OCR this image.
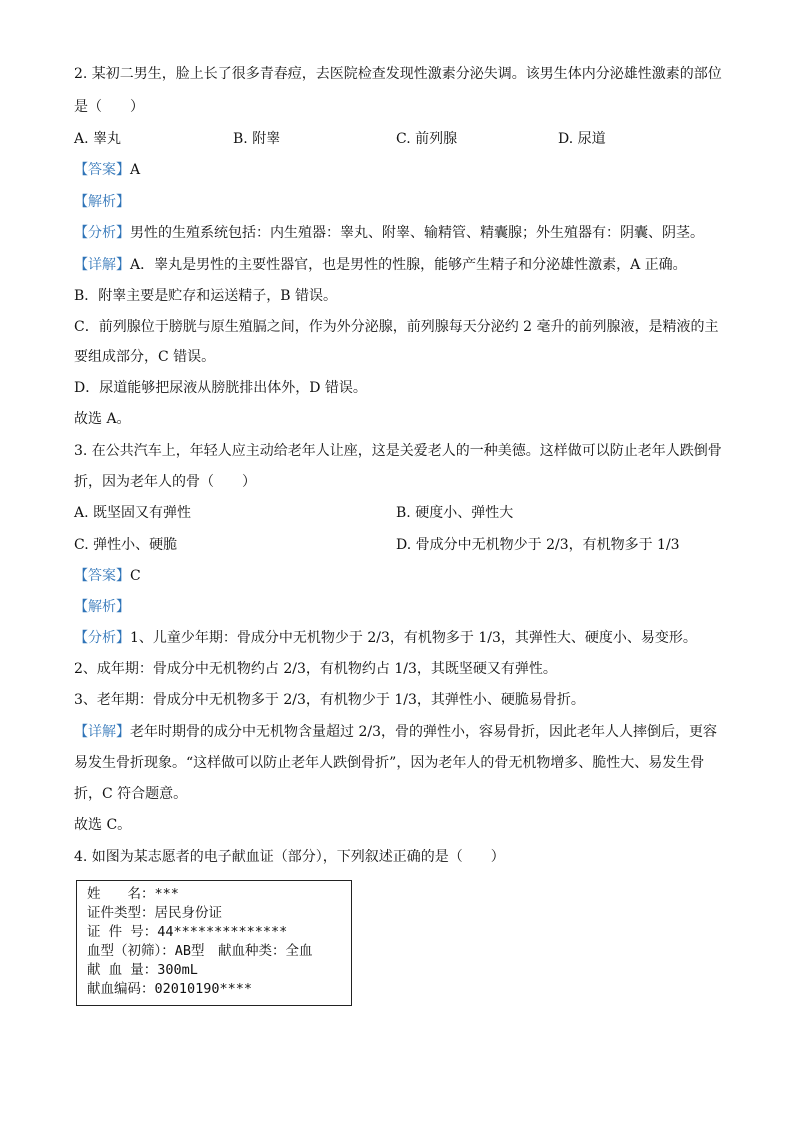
2. 某初二男生，脸上长了很多青春痘，去医院检查发现性激素分泌失调。该男生体内分泌雄性激素的部位
是（　　）
A. 睾丸	B. 附睾	C. 前列腺	D. 尿道
【答案】A
【解析】
【分析】男性的生殖系统包括：内生殖器：睾丸、附睾、输精管、精囊腺；外生殖器有：阴囊、阴茎。
【详解】A．睾丸是男性的主要性器官，也是男性的性腺，能够产生精子和分泌雄性激素，A 正确。
B．附睾主要是贮存和运送精子，B 错误。
C．前列腺位于膀胱与原生殖膈之间，作为外分泌腺，前列腺每天分泌约 2 毫升的前列腺液，是精液的主
要组成部分，C 错误。
D．尿道能够把尿液从膀胱排出体外，D 错误。
故选 A。
3. 在公共汽车上，年轻人应主动给老年人让座，这是关爱老人的一种美德。这样做可以防止老年人跌倒骨
折，因为老年人的骨（　　）
A. 既坚固又有弹性	B. 硬度小、弹性大
C. 弹性小、硬脆	D. 骨成分中无机物少于 2/3，有机物多于 1/3
【答案】C
【解析】
【分析】1、儿童少年期：骨成分中无机物少于 2/3，有机物多于 1/3，其弹性大、硬度小、易变形。
2、成年期：骨成分中无机物约占 2/3，有机物约占 1/3，其既坚硬又有弹性。
3、老年期：骨成分中无机物多于 2/3，有机物少于 1/3，其弹性小、硬脆易骨折。
【详解】老年时期骨的成分中无机物含量超过 2/3，骨的弹性小，容易骨折，因此老年人人摔倒后，更容
易发生骨折现象。“这样做可以防止老年人跌倒骨折”，因为老年人的骨无机物增多、脆性大、易发生骨
折，C 符合题意。
故选 C。
4. 如图为某志愿者的电子献血证（部分），下列叙述正确的是（　　）
姓　　名：***
证件类型：居民身份证
证 件 号：44**************
血型（初筛）：AB型　献血种类：全血
献 血 量：300mL
献血编码：02010190****
